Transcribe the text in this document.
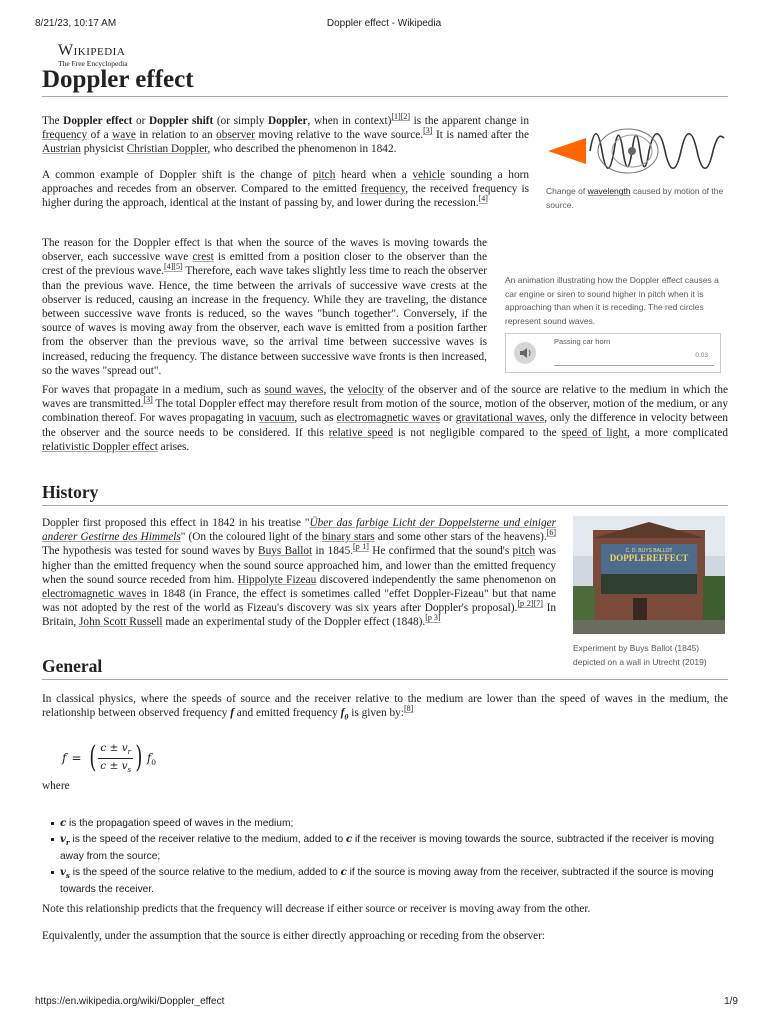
8/21/23, 10:17 AM	Doppler effect - Wikipedia
Wikipedia
The Free Encyclopedia
Doppler effect

The Doppler effect or Doppler shift (or simply Doppler, when in context)[1][2] is the apparent change in frequency of a wave in relation to an observer moving relative to the wave source.[3] It is named after the Austrian physicist Christian Doppler, who described the phenomenon in 1842.

A common example of Doppler shift is the change of pitch heard when a vehicle sounding a horn approaches and recedes from an observer. Compared to the emitted frequency, the received frequency is higher during the approach, identical at the instant of passing by, and lower during the recession.[4]

The reason for the Doppler effect is that when the source of the waves is moving towards the observer, each successive wave crest is emitted from a position closer to the observer than the crest of the previous wave.[4][5] Therefore, each wave takes slightly less time to reach the observer than the previous wave. Hence, the time between the arrivals of successive wave crests at the observer is reduced, causing an increase in the frequency. While they are traveling, the distance between successive wave fronts is reduced, so the waves "bunch together". Conversely, if the source of waves is moving away from the observer, each wave is emitted from a position farther from the observer than the previous wave, so the arrival time between successive waves is increased, reducing the frequency. The distance between successive wave fronts is then increased, so the waves "spread out".

For waves that propagate in a medium, such as sound waves, the velocity of the observer and of the source are relative to the medium in which the waves are transmitted.[3] The total Doppler effect may therefore result from motion of the source, motion of the observer, motion of the medium, or any combination thereof. For waves propagating in vacuum, such as electromagnetic waves or gravitational waves, only the difference in velocity between the observer and the source needs to be considered. If this relative speed is not negligible compared to the speed of light, a more complicated relativistic Doppler effect arises.

Change of wavelength caused by motion of the source.
An animation illustrating how the Doppler effect causes a car engine or siren to sound higher in pitch when it is approaching than when it is receding. The red circles represent sound waves.
Passing car horn
0:03
History

Doppler first proposed this effect in 1842 in his treatise "Über das farbige Licht der Doppelsterne und einiger anderer Gestirne des Himmels" (On the coloured light of the binary stars and some other stars of the heavens).[6] The hypothesis was tested for sound waves by Buys Ballot in 1845.[p 1] He confirmed that the sound's pitch was higher than the emitted frequency when the sound source approached him, and lower than the emitted frequency when the sound source receded from him. Hippolyte Fizeau discovered independently the same phenomenon on electromagnetic waves in 1848 (in France, the effect is sometimes called "effet Doppler-Fizeau" but that name was not adopted by the rest of the world as Fizeau's discovery was six years after Doppler's proposal).[p 2][7] In Britain, John Scott Russell made an experimental study of the Doppler effect (1848).[p 3]

C. D. BUYS BALLOT
DOPPLEREFFECT
Experiment by Buys Ballot (1845) depicted on a wall in Utrecht (2019)
General

In classical physics, where the speeds of source and the receiver relative to the medium are lower than the speed of waves in the medium, the relationship between observed frequency f and emitted frequency $f_0$ is given by:[8]

f = ( $c \pm v_r$
$c \pm v_s$ ) $f_0$
where
c is the propagation speed of waves in the medium;
$v_r$ is the speed of the receiver relative to the medium, added to c if the receiver is moving towards the source, subtracted if the receiver is moving away from the source;
$v_s$ is the speed of the source relative to the medium, added to c if the source is moving away from the receiver, subtracted if the source is moving towards the receiver.
Note this relationship predicts that the frequency will decrease if either source or receiver is moving away from the other.
Equivalently, under the assumption that the source is either directly approaching or receding from the observer:
https://en.wikipedia.org/wiki/Doppler_effect	1/9
